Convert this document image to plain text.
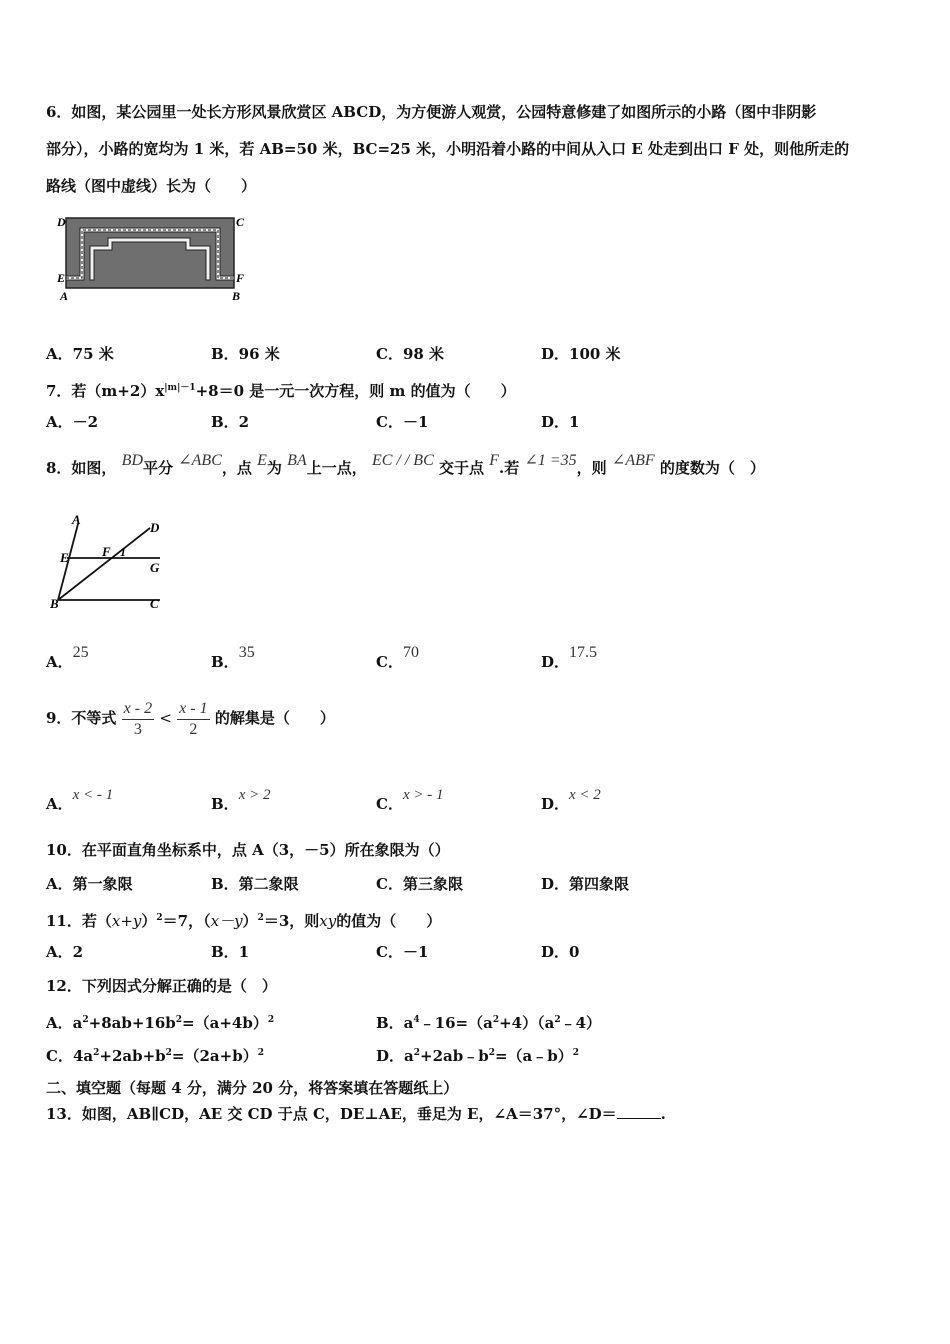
6．如图，某公园里一处长方形风景欣赏区 ABCD，为方便游人观赏，公园特意修建了如图所示的小路（图中非阴影
部分），小路的宽均为 1 米，若 AB=50 米，BC=25 米，小明沿着小路的中间从入口 E 处走到出口 F 处，则他所走的
路线（图中虚线）长为（　　）
D	C
E	F
A	B
A．75 米	B．96 米	C．98 米	D．100 米
7．若$(m+2)x^{|m|-1}+8=0$ 是一元一次方程，则 m 的值为（　　）
A．－2	B．2	C．－1	D．1
8．如图， BD平分 ∠ABC，点 E为 BA上一点， EC / / BC 交于点 F.若 ∠1 =35，则 ∠ABF 的度数为（　）
A
D
E	F 1
G
B	C
A．25
B．35
C．70
D．17.5
9．不等式 $\frac{x - 2}{3} < \frac{x - 1}{2}$ 的解集是（　　）
A．x < - 1	B．x > 2	C．x > - 1	D．x < 2
10．在平面直角坐标系中，点 A（3，－5）所在象限为（）
A．第一象限	B．第二象限	C．第三象限	D．第四象限
11．若$(x+y)^2=7$，$(x-y)^2=3$，则xy的值为（　　）
A．2	B．1	C．－1	D．0
12．下列因式分解正确的是（　）
A．$a^2+8ab+16b^2=(a+4b)^2$	B．$a^4﹣16=(a^2+4)(a^2﹣4)$
C．$4a^2+2ab+b^2=(2a+b)^2$	D．$a^2+2ab﹣b^2=(a﹣b)^2$
二、填空题（每题 4 分，满分 20 分，将答案填在答题纸上）
13．如图，AB∥CD，AE 交 CD 于点 C，DE⊥AE，垂足为 E，∠A＝37°，∠D＝	.
